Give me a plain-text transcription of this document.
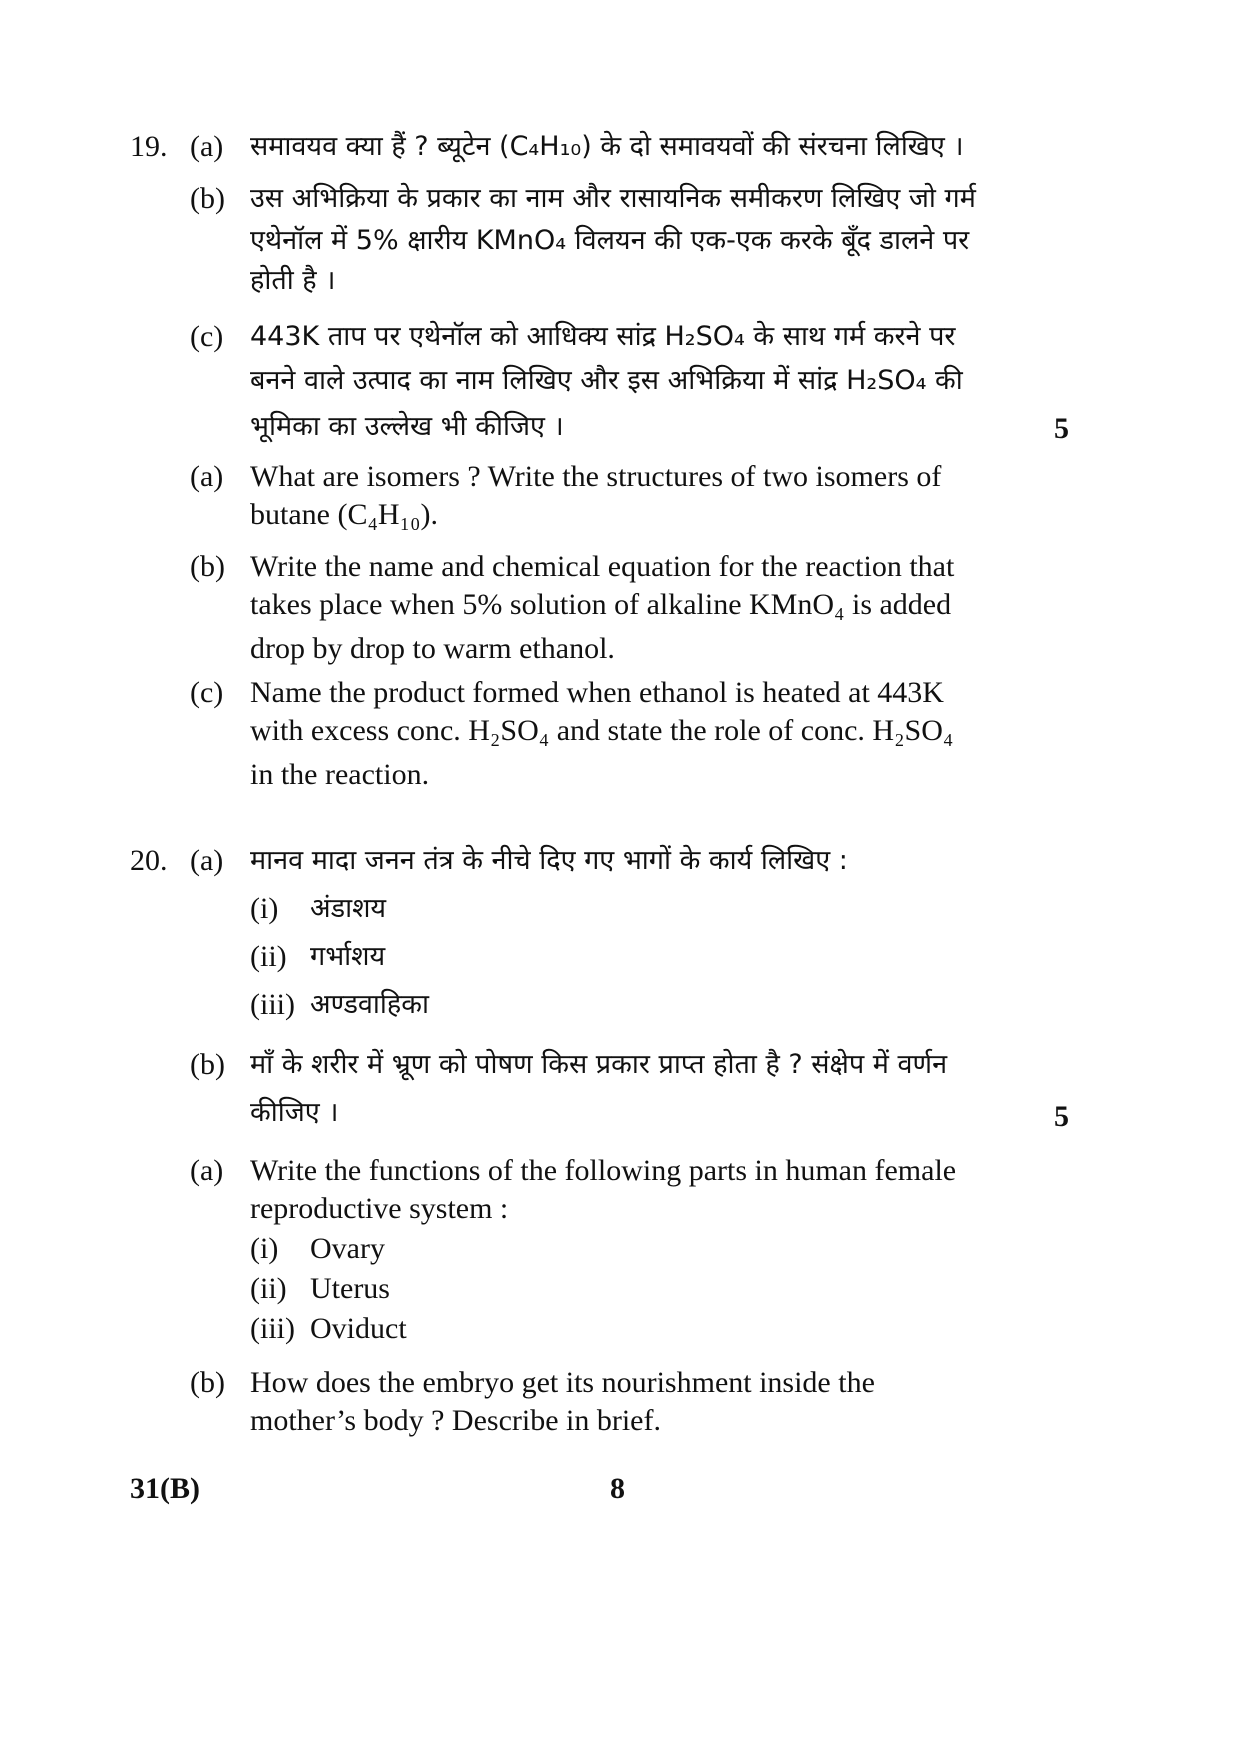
19. (a) समावयव क्या हैं ? ब्यूटेन (C₄H₁₀) के दो समावयवों की संरचना लिखिए ।
(b) उस अभिक्रिया के प्रकार का नाम और रासायनिक समीकरण लिखिए जो गर्म
एथेनॉल में 5% क्षारीय KMnO₄ विलयन की एक-एक करके बूँद डालने पर
होती है ।
(c) 443K ताप पर एथेनॉल को आधिक्य सांद्र H₂SO₄ के साथ गर्म करने पर
बनने वाले उत्पाद का नाम लिखिए और इस अभिक्रिया में सांद्र H₂SO₄ की
भूमिका का उल्लेख भी कीजिए ।	5
(a) What are isomers ? Write the structures of two isomers of
butane (C₄H₁₀).
(b) Write the name and chemical equation for the reaction that
takes place when 5% solution of alkaline KMnO₄ is added
drop by drop to warm ethanol.
(c) Name the product formed when ethanol is heated at 443K
with excess conc. H₂SO₄ and state the role of conc. H₂SO₄
in the reaction.
20. (a) मानव मादा जनन तंत्र के नीचे दिए गए भागों के कार्य लिखिए :
(i) अंडाशय
(ii) गर्भाशय
(iii) अण्डवाहिका
(b) माँ के शरीर में भ्रूण को पोषण किस प्रकार प्राप्त होता है ? संक्षेप में वर्णन
कीजिए ।	5
(a) Write the functions of the following parts in human female
reproductive system :
(i) Ovary
(ii) Uterus
(iii) Oviduct
(b) How does the embryo get its nourishment inside the
mother’s body ? Describe in brief.
31(B)	8
